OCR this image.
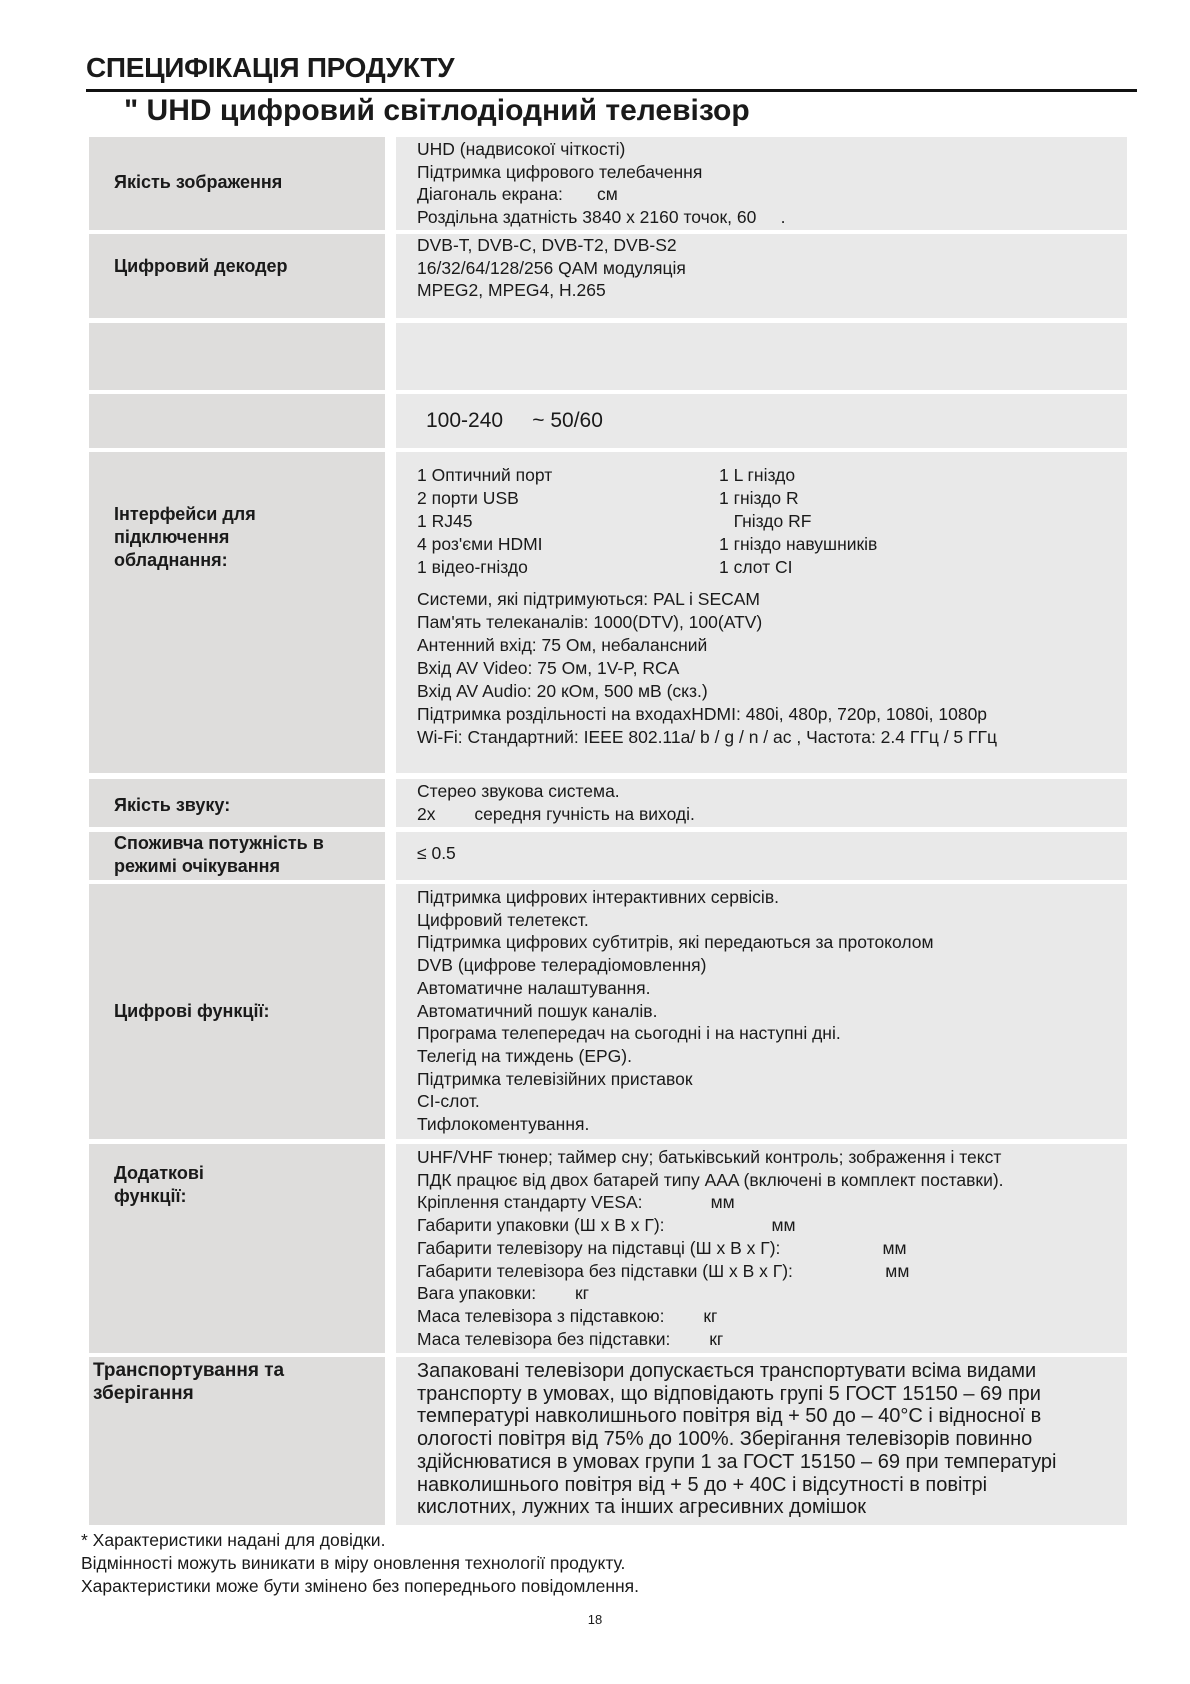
СПЕЦИФІКАЦІЯ ПРОДУКТУ
" UHD цифровий світлодіодний телевізор
Якість зображення
UHD (надвисокої чіткості)
Підтримка цифрового телебачення
Діагональ екрана:       см
Роздільна здатність 3840 x 2160 точок, 60     .
Цифровий декодер
DVB-T, DVB-C, DVB-T2, DVB-S2
16/32/64/128/256 QAM модуляція
MPEG2, MPEG4, H.265
100-240     ~ 50/60
Інтерфейси для
підключення
обладнання:
1 Оптичний порт
2 порти USB
1 RJ45
4 роз'єми HDMI
1 відео-гніздо
1 L гніздо
1 гніздо R
Гніздо RF
1 гніздо навушників
1 слот CI
Системи, які підтримуються: PAL і SECAM
Пам'ять телеканалів: 1000(DTV), 100(ATV)
Антенний вхід: 75 Ом, небалансний
Вхід AV Video: 75 Ом, 1V-P, RCA
Вхід AV Audio: 20 кОм, 500 мВ (скз.)
Підтримка роздільності на входахHDMI: 480i, 480p, 720p, 1080i, 1080p
Wi-Fi: Стандартний: IEEE 802.11a/ b / g / n / ac , Частота: 2.4 ГГц / 5 ГГц
Якість звуку:
Стерео звукова система.
2x        середня гучність на виході.
Споживча потужність в
режимі очікування
≤ 0.5
Цифрові функції:
Підтримка цифрових інтерактивних сервісів.
Цифровий телетекст.
Підтримка цифрових субтитрів, які передаються за протоколом
DVB (цифрове телерадіомовлення)
Автоматичне налаштування.
Автоматичний пошук каналів.
Програма телепередач на сьогодні і на наступні дні.
Телегід на тиждень (EPG).
Підтримка телевізійних приставок
CI-слот.
Тифлокоментування.
Додаткові
функції:
UHF/VHF тюнер; таймер сну; батьківський контроль; зображення і текст
ПДК працює від двох батарей типу AAA (включені в комплект поставки).
Кріплення стандарту VESA:              мм
Габарити упаковки (Ш x В x Г):                      мм
Габарити телевізору на підставці (Ш x В x Г):                     мм
Габарити телевізора без підставки (Ш x В x Г):                   мм
Вага упаковки:        кг
Маса телевізора з підставкою:        кг
Маса телевізора без підставки:        кг
Транспортування та
зберігання
Запаковані телевізори допускається транспортувати всіма видами
транспорту в умовах, що відповідають групі 5 ГОСТ 15150 – 69 при
температурі навколишнього повітря від + 50 до – 40°С і відносної в
ологості повітря від 75% до 100%. Зберігання телевізорів повинно
здійснюватися в умовах групи 1 за ГОСТ 15150 – 69 при температурі
навколишнього повітря від + 5 до + 40С і відсутності в повітрі
кислотних, лужних та інших агресивних домішок
* Характеристики надані для довідки.
Відмінності можуть виникати в міру оновлення технології продукту.
Характеристики може бути змінено без попереднього повідомлення.
18
